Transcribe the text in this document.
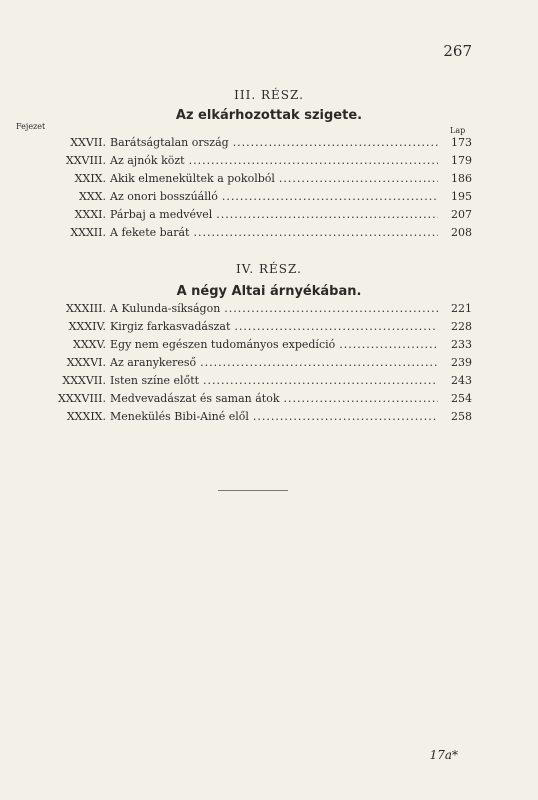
267
III. RÉSZ.
Az elkárhozottak szigete.
Fejezet	Lap
XXVII. Barátságtalan ország .....	173
XXVIII. Az ajnók közt .....	179
XXIX. Akik elmenekültek a pokolból .....	186
XXX. Az onori bosszúálló .....	195
XXXI. Párbaj a medvével .....	207
XXXII. A fekete barát .....	208
IV. RÉSZ.
A négy Altai árnyékában.
XXXIII. A Kulunda-síkságon .....	221
XXXIV. Kirgiz farkasvadászat .....	228
XXXV. Egy nem egészen tudományos expedíció .....	233
XXXVI. Az aranykereső .....	239
XXXVII. Isten színe előtt .....	243
XXXVIII. Medvevadászat és saman átok .....	254
XXXIX. Menekülés Bibi-Ainé elől .....	258
17a*
